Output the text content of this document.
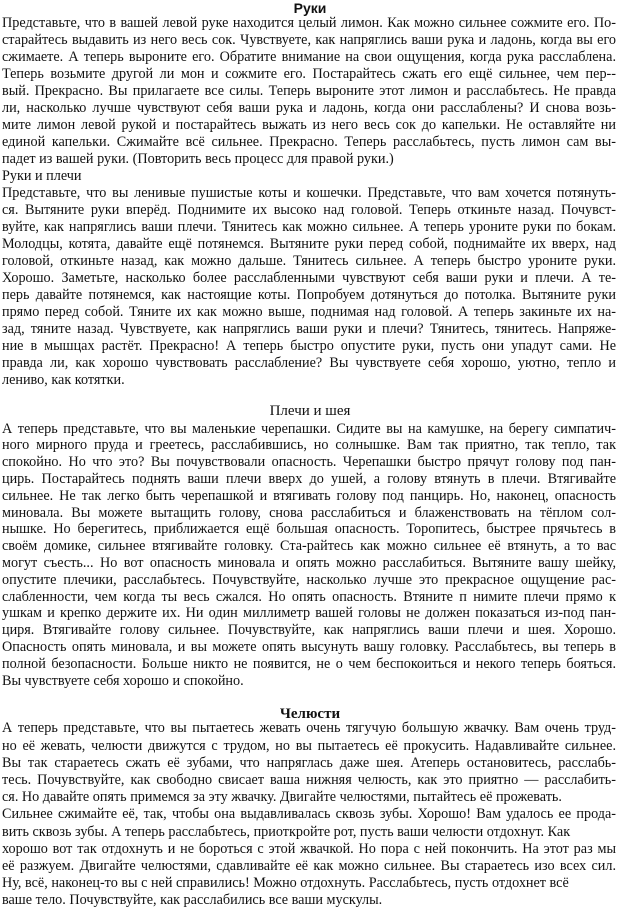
Руки
Представьте, что в вашей левой руке находится целый лимон. Как можно сильнее сожмите его. По-
старайтесь выдавить из него весь сок. Чувствуете, как напряглись ваши рука и ладонь, когда вы его
сжимаете. А теперь выроните его. Обратите внимание на свои ощущения, когда рука расслаблена.
Теперь возьмите другой ли мон и сожмите его. Постарайтесь сжать его ещё сильнее, чем пер--
вый. Прекрасно. Вы прилагаете все силы. Теперь выроните этот лимон и расслабьтесь. Не правда
ли, насколько лучше чувствуют себя ваши рука и ладонь, когда они расслаблены? И снова возь-
мите лимон левой рукой и постарайтесь выжать из него весь сок до капельки. Не оставляйте ни
единой капельки. Сжимайте всё сильнее. Прекрасно. Теперь расслабьтесь, пусть лимон сам вы-
падет из вашей руки. (Повторить весь процесс для правой руки.)
Руки и плечи
Представьте, что вы ленивые пушистые коты и кошечки. Представьте, что вам хочется потянуть-
ся. Вытяните руки вперёд. Поднимите их высоко над головой. Теперь откиньте назад. Почувст-
вуйте, как напряглись ваши плечи. Тянитесь как можно сильнее. А теперь уроните руки по бокам.
Молодцы, котята, давайте ещё потянемся. Вытяните руки перед собой, поднимайте их вверх, над
головой, откиньте назад, как можно дальше. Тянитесь сильнее. А теперь быстро уроните руки.
Хорошо. Заметьте, насколько более расслабленными чувствуют себя ваши руки и плечи. А те-
перь давайте потянемся, как настоящие коты. Попробуем дотянуться до потолка. Вытяните руки
прямо перед собой. Тяните их как можно выше, поднимая над головой. А теперь закиньте их на-
зад, тяните назад. Чувствуете, как напряглись ваши руки и плечи? Тянитесь, тянитесь. Напряже-
ние в мышцах растёт. Прекрасно! А теперь быстро опустите руки, пусть они упадут сами. Не
правда ли, как хорошо чувствовать расслабление? Вы чувствуете себя хорошо, уютно, тепло и
лениво, как котятки.
Плечи и шея
А теперь представьте, что вы маленькие черепашки. Сидите вы на камушке, на берегу симпатич-
ного мирного пруда и греетесь, расслабившись, но солнышке. Вам так приятно, так тепло, так
спокойно. Но что это? Вы почувствовали опасность. Черепашки быстро прячут голову под пан-
цирь. Постарайтесь поднять ваши плечи вверх до ушей, а голову втянуть в плечи. Втягивайте
сильнее. Не так легко быть черепашкой и втягивать голову под панцирь. Но, наконец, опасность
миновала. Вы можете вытащить голову, снова расслабиться и блаженствовать на тёплом сол-
нышке. Но берегитесь, приближается ещё большая опасность. Торопитесь, быстрее прячьтесь в
своём домике, сильнее втягивайте головку. Ста-райтесь как можно сильнее её втянуть, а то вас
могут съесть... Но вот опасность миновала и опять можно расслабиться. Вытяните вашу шейку,
опустите плечики, расслабьтесь. Почувствуйте, насколько лучше это прекрасное ощущение рас-
слабленности, чем когда ты весь сжался. Но опять опасность. Втяните п нимите плечи прямо к
ушкам и крепко держите их. Ни один миллиметр вашей головы не должен показаться из-под пан-
циря. Втягивайте голову сильнее. Почувствуйте, как напряглись ваши плечи и шея. Хорошо.
Опасность опять миновала, и вы можете опять высунуть вашу головку. Расслабьтесь, вы теперь в
полной безопасности. Больше никто не появится, не о чем беспокоиться и некого теперь бояться.
Вы чувствуете себя хорошо и спокойно.
Челюсти
А теперь представьте, что вы пытаетесь жевать очень тягучую большую жвачку. Вам очень труд-
но её жевать, челюсти движутся с трудом, но вы пытаетесь её прокусить. Надавливайте сильнее.
Вы так стараетесь сжать её зубами, что напряглась даже шея. Атеперь остановитесь, расслабь-
тесь. Почувствуйте, как свободно свисает ваша нижняя челюсть, как это приятно — расслабить-
ся. Но давайте опять примемся за эту жвачку. Двигайте челюстями, пытайтесь её прожевать.
Сильнее сжимайте её, так, чтобы она выдавливалась сквозь зубы. Хорошо! Вам удалось ее прода-
вить сквозь зубы. А теперь расслабьтесь, приоткройте рот, пусть ваши челюсти отдохнут. Как
хорошо вот так отдохнуть и не бороться с этой жвачкой. Но пора с ней покончить. На этот раз мы
её разжуем. Двигайте челюстями, сдавливайте её как можно сильнее. Вы стараетесь изо всех сил.
Ну, всё, наконец-то вы с ней справились! Можно отдохнуть. Расслабьтесь, пусть отдохнет всё
ваше тело. Почувствуйте, как расслабились все ваши мускулы.
